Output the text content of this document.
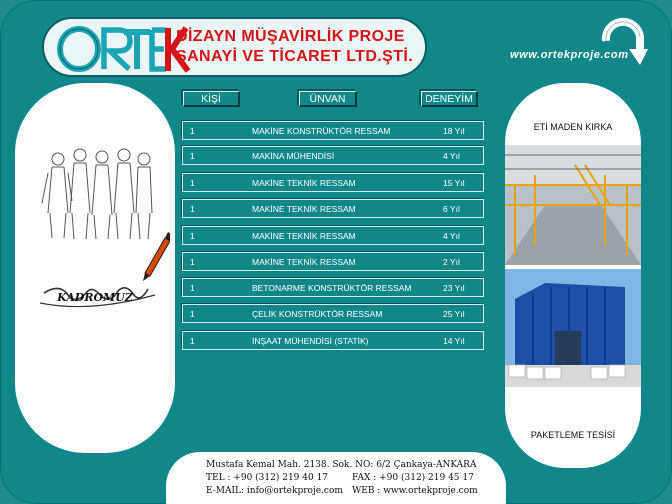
DİZAYN MÜŞAVİRLİK PROJE
SANAYİ VE TİCARET LTD.ŞTİ.	www.ortekproje.com
KADROMUZ
KİŞİ	ÜNVAN	DENEYİM
1	MAKİNE KONSTRÜKTÖR RESSAM	18 Yıl
1	MAKİNA MÜHENDİSİ	4 Yıl
1	MAKİNE TEKNİK RESSAM	15 Yıl
1	MAKİNE TEKNİK RESSAM	6 Yıl
1	MAKİNE TEKNİK RESSAM	4 Yıl
1	MAKİNE TEKNİK RESSAM	2 Yıl
1	BETONARME KONSTRÜKTÖR RESSAM	23 Yıl
1	ÇELİK KONSTRÜKTÖR RESSAM	25 Yıl
1	İNŞAAT MÜHENDİSİ (STATİK)	14 Yıl
ETİ MADEN KIRKA
PAKETLEME TESİSİ
Mustafa Kemal Mah. 2138. Sok. NO: 6/2 Çankaya-ANKARA
TEL : +90 (312) 219 40 17	FAX : +90 (312) 219 45 17
E-MAIL: info@ortekproje.com WEB : www.ortekproje.com
